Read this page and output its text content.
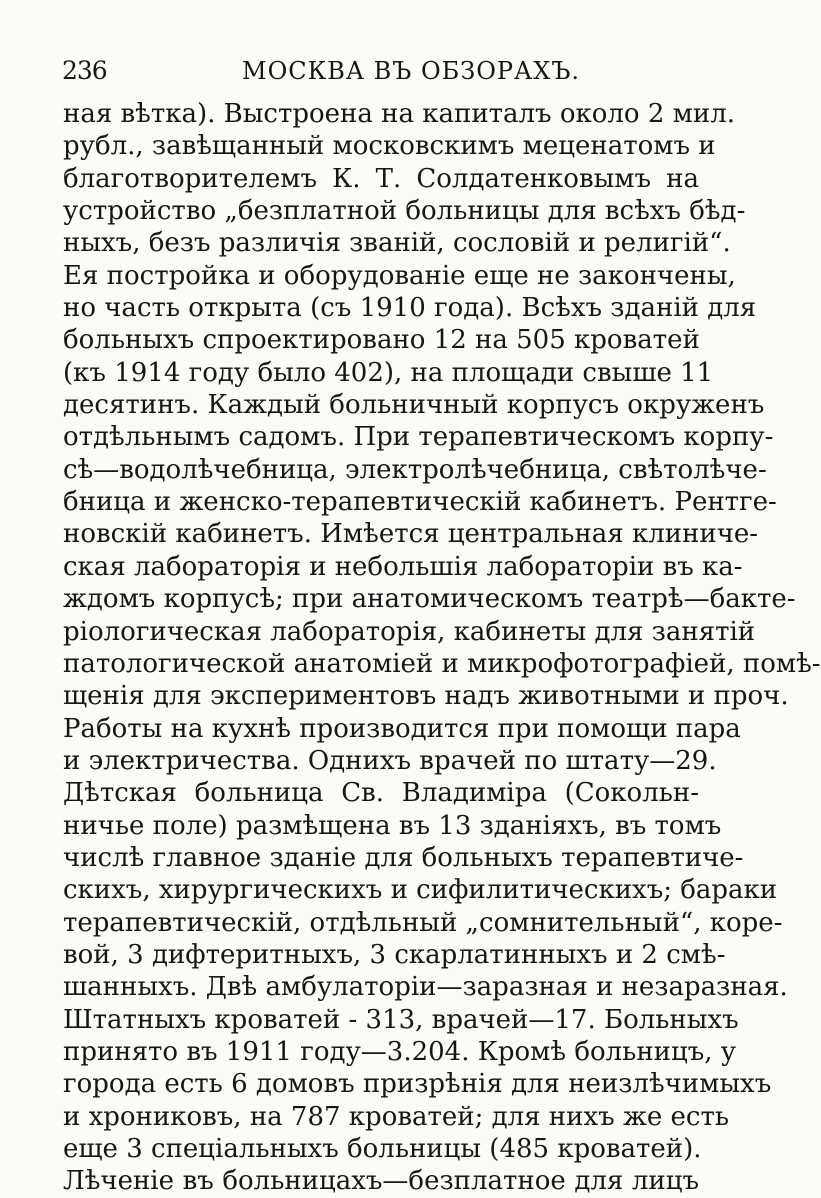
236	МОСКВА ВЪ ОБЗОРАХЪ.
ная вѣтка). Выстроена на капиталъ около 2 мил.
рубл., завѣщанный московскимъ меценатомъ и
благотворителемъ К. Т. Солдатенковымъ на
устройство „безплатной больницы для всѣхъ бѣд-
ныхъ, безъ различія званій, сословій и религій“.
Ея постройка и оборудованіе еще не закончены,
но часть открыта (съ 1910 года). Всѣхъ зданій для
больныхъ спроектировано 12 на 505 кроватей
(къ 1914 году было 402), на площади свыше 11
десятинъ. Каждый больничный корпусъ окруженъ
отдѣльнымъ садомъ. При терапевтическомъ корпу-
сѣ—водолѣчебница, электролѣчебница, свѣтолѣче-
бница и женско-терапевтическій кабинетъ. Рентге-
новскій кабинетъ. Имѣется центральная клиниче-
ская лабораторія и небольшія лабораторіи въ ка-
ждомъ корпусѣ; при анатомическомъ театрѣ—бакте-
ріологическая лабораторія, кабинеты для занятій
патологической анатоміей и микрофотографіей, помѣ-
щенія для экспериментовъ надъ животными и проч.
Работы на кухнѣ производится при помощи пара
и электричества. Однихъ врачей по штату—29.
Дѣтская больница Св. Владиміра (Сокольн-
ничье поле) размѣщена въ 13 зданіяхъ, въ томъ
числѣ главное зданіе для больныхъ терапевтиче-
скихъ, хирургическихъ и сифилитическихъ; бараки
терапевтическій, отдѣльный „сомнительный“, коре-
вой, 3 дифтеритныхъ, 3 скарлатинныхъ и 2 смѣ-
шанныхъ. Двѣ амбулаторіи—заразная и незаразная.
Штатныхъ кроватей - 313, врачей—17. Больныхъ
принято въ 1911 году—3.204. Кромѣ больницъ, у
города есть 6 домовъ призрѣнія для неизлѣчимыхъ
и хрониковъ, на 787 кроватей; для нихъ же есть
еще 3 спеціальныхъ больницы (485 кроватей).
Лѣченіе въ больницахъ—безплатное для лицъ
